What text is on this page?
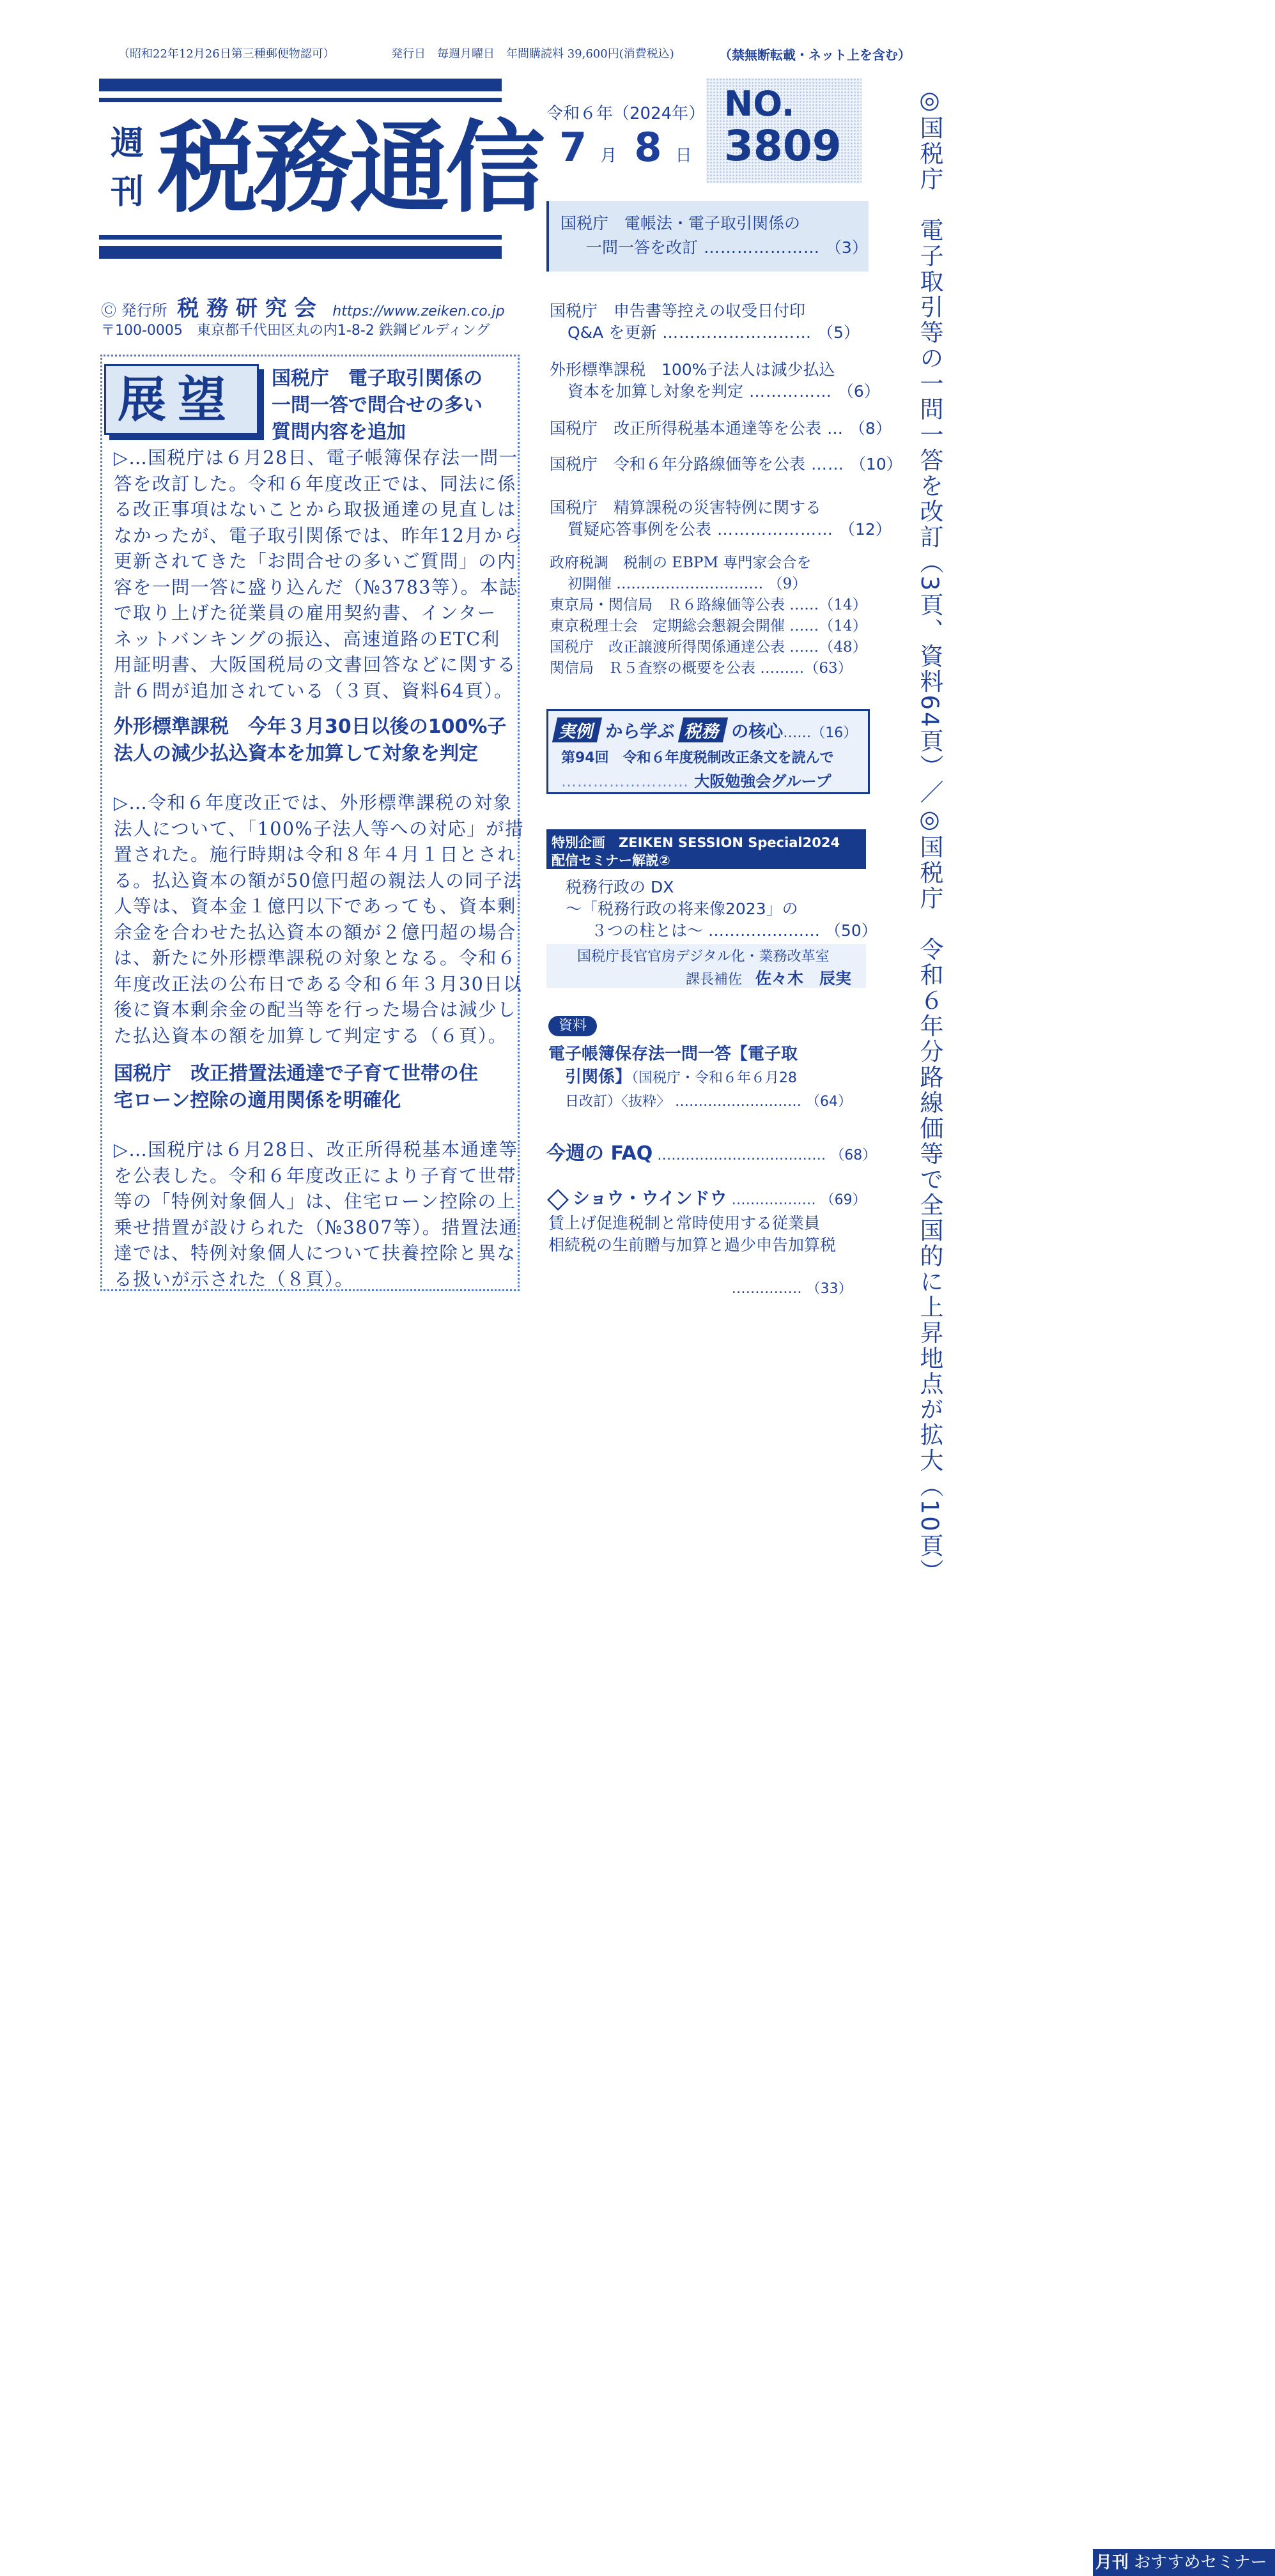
（昭和22年12月26日第三種郵便物認可）	発行日　毎週月曜日　年間購読料 39,600円(消費税込)	（禁無断転載・ネット上を含む）
週
刊 税務通信 令和６年（2024年）
7 月 8 日
NO.
3809
国税庁　電帳法・電子取引関係の
一問一答を改訂 ………………… （3）
国税庁　申告書等控えの収受日付印
Q&A を更新 ……………………… （5）
外形標準課税　100%子法人は減少払込
資本を加算し対象を判定 …………… （6）
国税庁　改正所得税基本通達等を公表 … （8）
国税庁　令和６年分路線価等を公表 …… （10）
国税庁　精算課税の災害特例に関する
質疑応答事例を公表 ………………… （12）
政府税調　税制の EBPM 専門家会合を
初開催 ………………………… （9）
東京局・関信局　Ｒ６路線価等公表 ……（14）
東京税理士会　定期総会懇親会開催 ……（14）
国税庁　改正譲渡所得関係通達公表 ……（48）
関信局　Ｒ５査察の概要を公表 ………（63）
実例 から学ぶ 税務 の核心……（16）
第94回　令和６年度税制改正条文を読んで
…………………… 大阪勉強会グループ
特別企画　ZEIKEN SESSION Special2024
配信セミナー解説②
税務行政の DX
～「税務行政の将来像2023」の
３つの柱とは～ ………………… （50）
国税庁長官官房デジタル化・業務改革室
課長補佐 佐々木　辰実
資料
電子帳簿保存法一問一答【電子取
引関係】（国税庁・令和６年６月28
日改訂）〈抜粋〉 ……………………… （64）
今週の FAQ ……………………………… （68）
ショウ・ウインドウ ……………… （69）
賃上げ促進税制と常時使用する従業員
相続税の生前贈与加算と過少申告加算税
月刊 おすすめセミナー …………… （33）	◎国税庁　電子取引等の一問一答を改訂（3頁、資料64頁）／◎国税庁　令和６年分路線価等で全国的に上昇地点が拡大（10頁）
Ⓒ 発行所 税 務 研 究 会 https://www.zeiken.co.jp
〒100-0005　東京都千代田区丸の内1-8-2 鉄鋼ビルディング
展望 国税庁　電子取引関係の
一問一答で問合せの多い
質問内容を追加

▷…国税庁は６月28日、電子帳簿保存法一問一

答を改訂した。令和６年度改正では、同法に係

る改正事項はないことから取扱通達の見直しは

なかったが、電子取引関係では、昨年12月から

更新されてきた「お問合せの多いご質問」の内

容を一問一答に盛り込んだ（№3783等）。本誌

で取り上げた従業員の雇用契約書、インター

ネットバンキングの振込、高速道路のETC利

用証明書、大阪国税局の文書回答などに関する

計６問が追加されている（３頁、資料64頁）。

外形標準課税　今年３月30日以後の100%子
法人の減少払込資本を加算して対象を判定

▷…令和６年度改正では、外形標準課税の対象

法人について、「100%子法人等への対応」が措

置された。施行時期は令和８年４月１日とされ

る。払込資本の額が50億円超の親法人の同子法

人等は、資本金１億円以下であっても、資本剰

余金を合わせた払込資本の額が２億円超の場合

は、新たに外形標準課税の対象となる。令和６

年度改正法の公布日である令和６年３月30日以

後に資本剰余金の配当等を行った場合は減少し

た払込資本の額を加算して判定する（６頁）。

国税庁　改正措置法通達で子育て世帯の住
宅ローン控除の適用関係を明確化

▷…国税庁は６月28日、改正所得税基本通達等

を公表した。令和６年度改正により子育て世帯

等の「特例対象個人」は、住宅ローン控除の上

乗せ措置が設けられた（№3807等）。措置法通

達では、特例対象個人について扶養控除と異な

る扱いが示された（８頁）。
